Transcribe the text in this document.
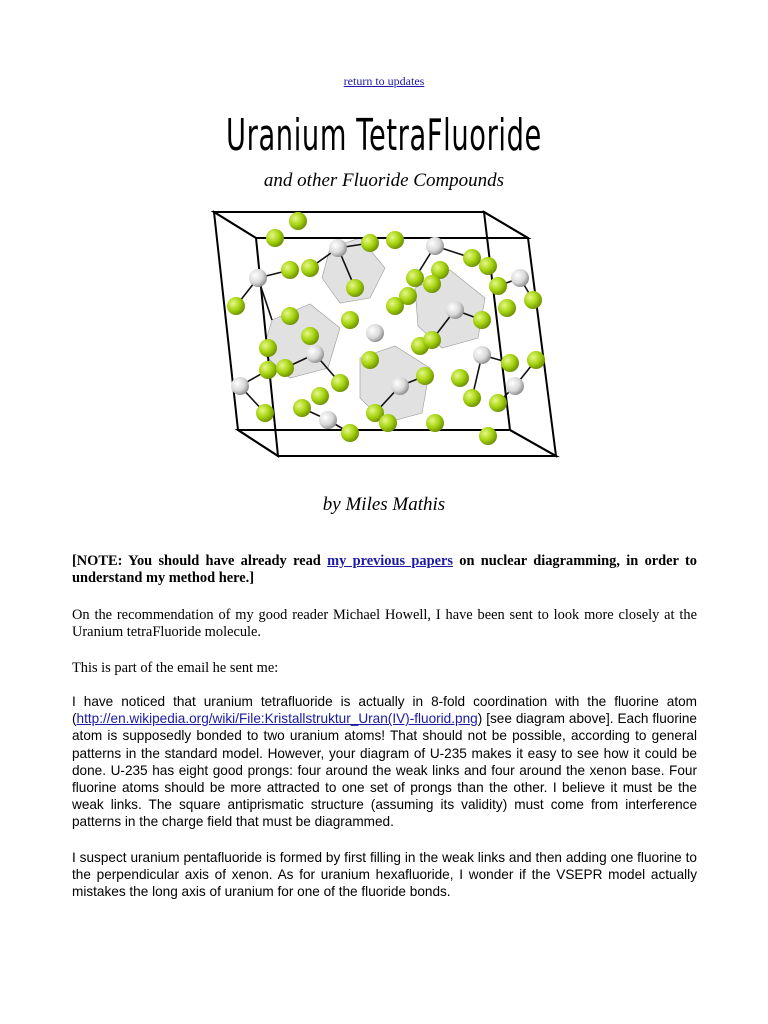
return to updates
Uranium TetraFluoride

and other Fluoride Compounds

by Miles Mathis

[NOTE: You should have already read my previous papers on nuclear diagramming, in order to understand my method here.]

On the recommendation of my good reader Michael Howell, I have been sent to look more closely at the Uranium tetraFluoride molecule.

This is part of the email he sent me:

I have noticed that uranium tetrafluoride is actually in 8-fold coordination with the fluorine atom (http://en.wikipedia.org/wiki/File:Kristallstruktur_Uran(IV)-fluorid.png) [see diagram above]. Each fluorine atom is supposedly bonded to two uranium atoms! That should not be possible, according to general patterns in the standard model. However, your diagram of U-235 makes it easy to see how it could be done. U-235 has eight good prongs: four around the weak links and four around the xenon base. Four fluorine atoms should be more attracted to one set of prongs than the other. I believe it must be the weak links. The square antiprismatic structure (assuming its validity) must come from interference patterns in the charge field that must be diagrammed.

I suspect uranium pentafluoride is formed by first filling in the weak links and then adding one fluorine to the perpendicular axis of xenon. As for uranium hexafluoride, I wonder if the VSEPR model actually mistakes the long axis of uranium for one of the fluoride bonds.
